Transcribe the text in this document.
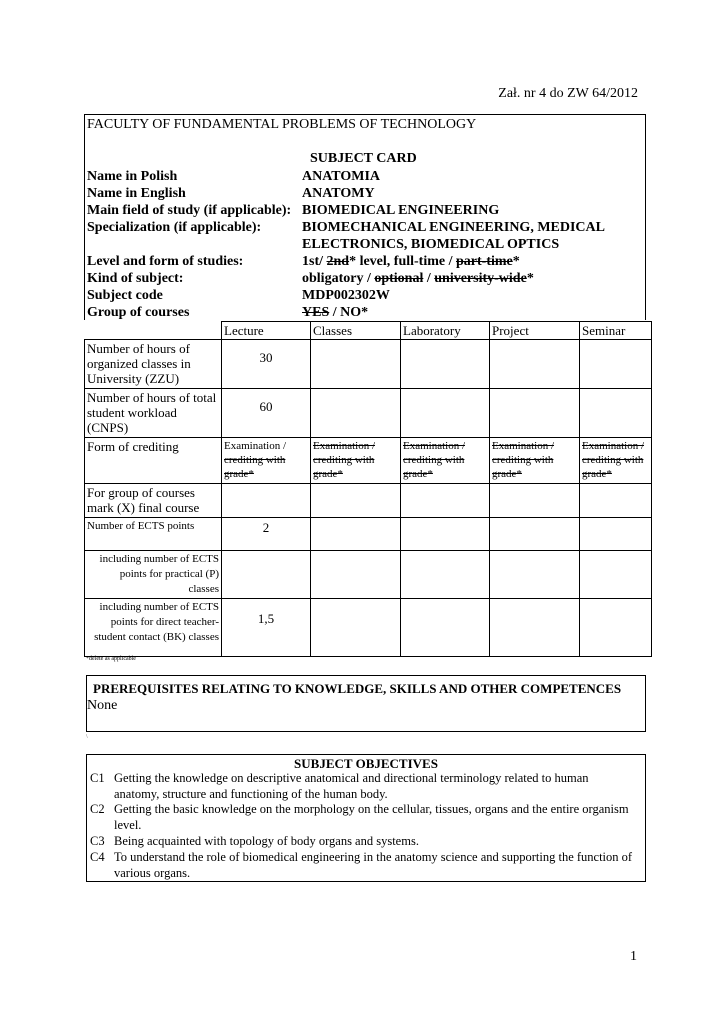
Zał. nr 4 do ZW 64/2012
FACULTY OF FUNDAMENTAL PROBLEMS OF TECHNOLOGY
SUBJECT CARD
Name in Polish	ANATOMIA
Name in English	ANATOMY
Main field of study (if applicable): BIOMEDICAL ENGINEERING
Specialization (if applicable):	BIOMECHANICAL ENGINEERING, MEDICAL
ELECTRONICS, BIOMEDICAL OPTICS
Level and form of studies:	1st/ 2nd* level, full-time / part-time*
Kind of subject:	obligatory / optional / university-wide*
Subject code	MDP002302W
Group of courses	YES / NO*
	Lecture	Classes	Laboratory	Project	Seminar
Number of hours of organized classes in University (ZZU)	30				
Number of hours of total student workload (CNPS)	60				
Form of crediting	Examination / crediting with grade*	Examination / crediting with grade*	Examination / crediting with grade*	Examination / crediting with grade*	Examination / crediting with grade*
For group of courses mark (X) final course					
Number of ECTS points	2				
including number of ECTS points for practical (P) classes					
including number of ECTS points for direct teacher-student contact (BK) classes	1,5				
*delete as applicable
PREREQUISITES RELATING TO KNOWLEDGE, SKILLS AND OTHER COMPETENCES
None
\
SUBJECT OBJECTIVES
C1 Getting the knowledge on descriptive anatomical and directional terminology related to human anatomy, structure and functioning of the human body.
C2 Getting the basic knowledge on the morphology on the cellular, tissues, organs and the entire organism level.
C3 Being acquainted with topology of body organs and systems.
C4 To understand the role of biomedical engineering in the anatomy science and supporting the function of various organs.
1
